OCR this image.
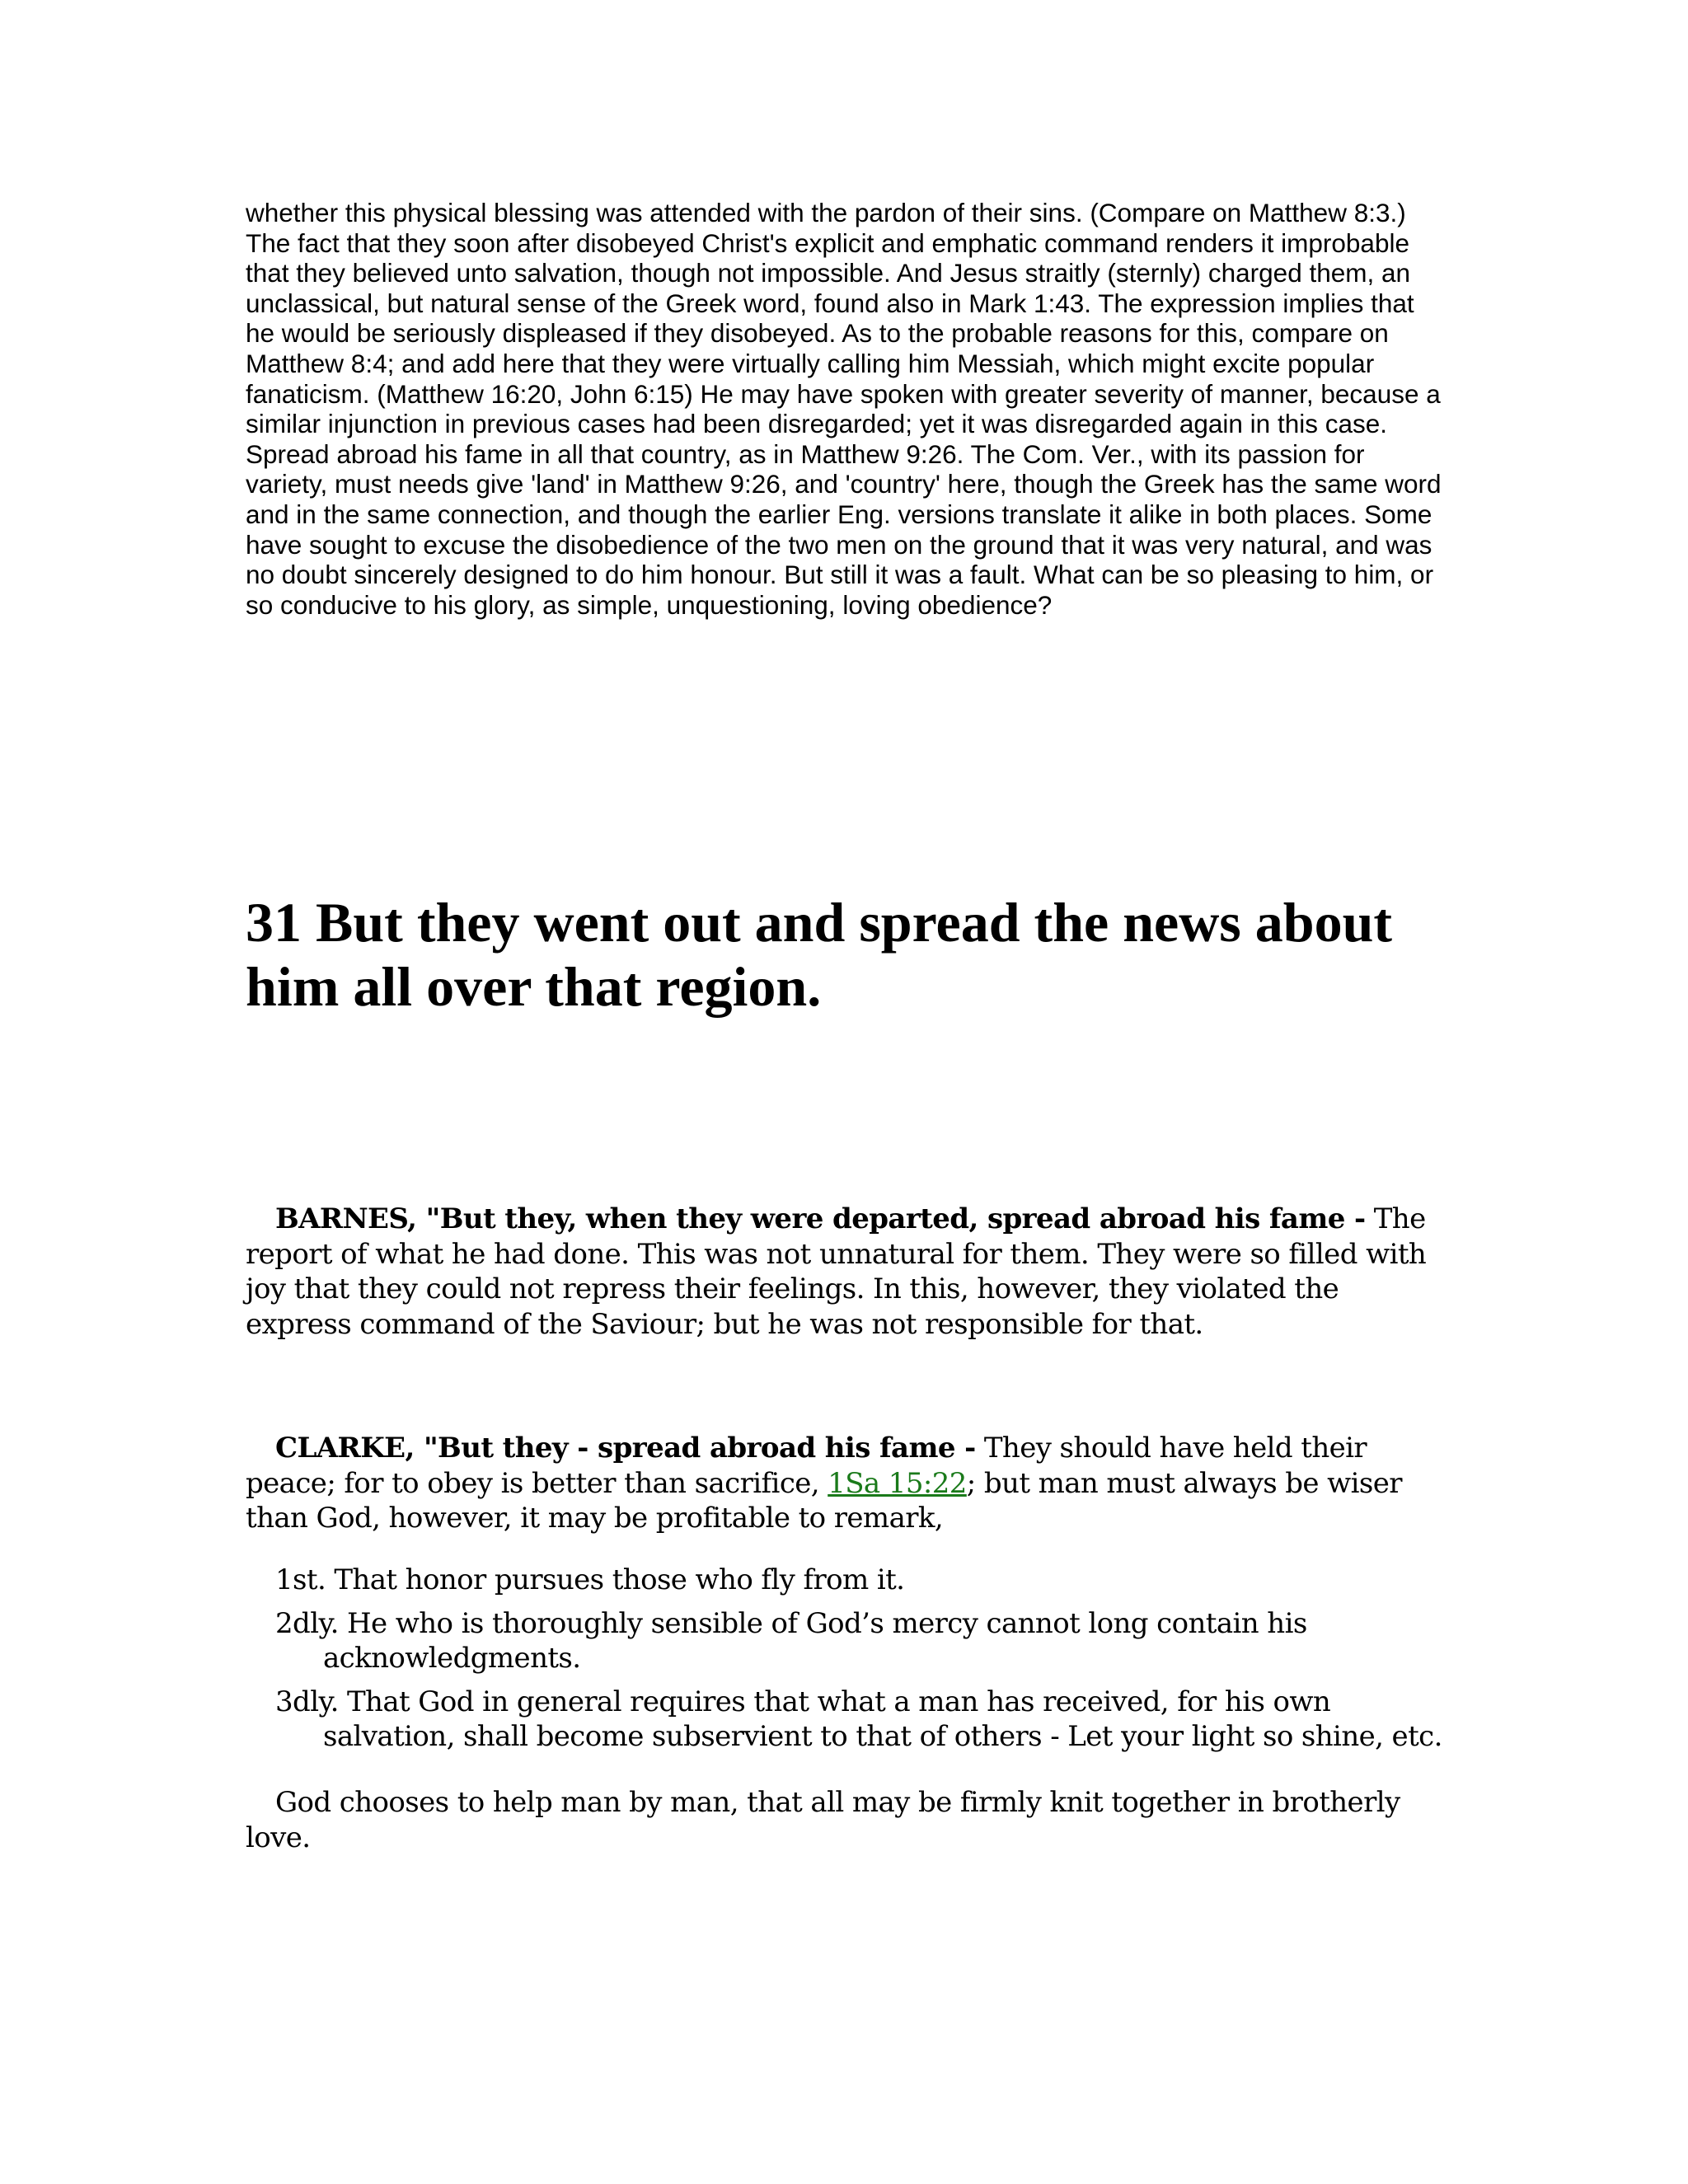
whether this physical blessing was attended with the pardon of their sins. (Compare on Matthew 8:3.) The fact that they soon after disobeyed Christ's explicit and emphatic command renders it improbable that they believed unto salvation, though not impossible. And Jesus straitly (sternly) charged them, an unclassical, but natural sense of the Greek word, found also in Mark 1:43. The expression implies that he would be seriously displeased if they disobeyed. As to the probable reasons for this, compare on Matthew 8:4; and add here that they were virtually calling him Messiah, which might excite popular fanaticism. (Matthew 16:20, John 6:15) He may have spoken with greater severity of manner, because a similar injunction in previous cases had been disregarded; yet it was disregarded again in this case. Spread abroad his fame in all that country, as in Matthew 9:26. The Com. Ver., with its passion for variety, must needs give 'land' in Matthew 9:26, and 'country' here, though the Greek has the same word and in the same connection, and though the earlier Eng. versions translate it alike in both places. Some have sought to excuse the disobedience of the two men on the ground that it was very natural, and was no doubt sincerely designed to do him honour. But still it was a fault. What can be so pleasing to him, or so conducive to his glory, as simple, unquestioning, loving obedience?

31 But they went out and spread the news about him all over that region.

BARNES, "But they, when they were departed, spread abroad his fame - The report of what he had done. This was not unnatural for them. They were so filled with joy that they could not repress their feelings. In this, however, they violated the express command of the Saviour; but he was not responsible for that.

CLARKE, "But they - spread abroad his fame - They should have held their peace; for to obey is better than sacrifice, 1Sa 15:22; but man must always be wiser than God, however, it may be profitable to remark,

1st. That honor pursues those who fly from it.
2dly. He who is thoroughly sensible of God’s mercy cannot long contain his acknowledgments.
3dly. That God in general requires that what a man has received, for his own salvation, shall become subservient to that of others - Let your light so shine, etc.

God chooses to help man by man, that all may be firmly knit together in brotherly love.
